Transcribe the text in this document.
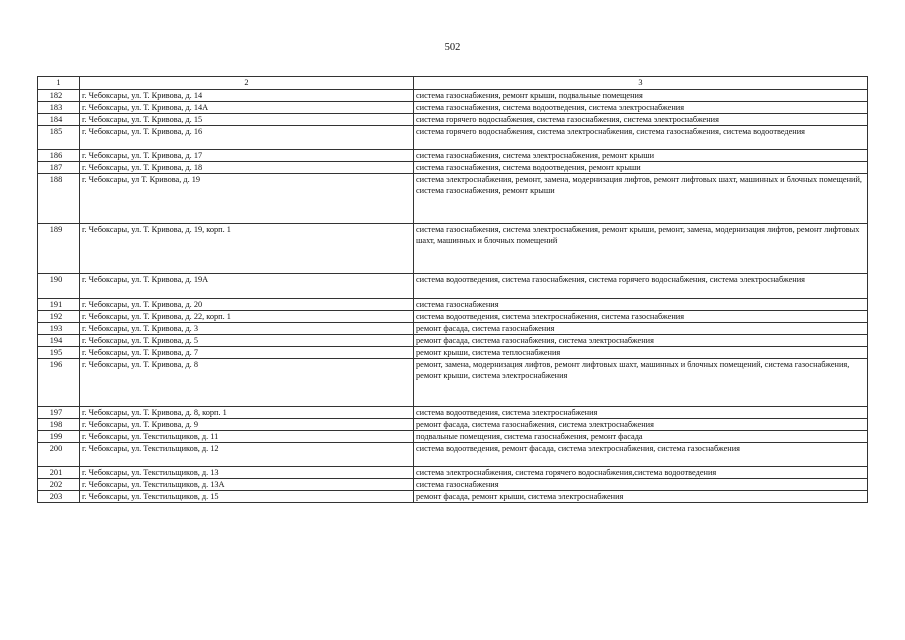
502
1	2	3
182	г. Чебоксары, ул. Т. Кривова, д. 14	система газоснабжения, ремонт крыши, подвальные помещения
183	г. Чебоксары, ул. Т. Кривова, д. 14А	система газоснабжения, система водоотведения, система электроснабжения
184	г. Чебоксары, ул. Т. Кривова, д. 15	система горячего водоснабжения, система газоснабжения, система электроснабжения
185	г. Чебоксары, ул. Т. Кривова, д. 16	система горячего водоснабжения, система электроснабжения, система газоснабжения, система водоотведения
186	г. Чебоксары, ул. Т. Кривова, д. 17	система газоснабжения, система электроснабжения, ремонт крыши
187	г. Чебоксары, ул. Т. Кривова, д. 18	система газоснабжения, система водоотведения, ремонт крыши
188	г. Чебоксары, ул Т. Кривова, д. 19	система электроснабжения, ремонт, замена, модернизация лифтов, ремонт лифтовых шахт, машинных и блочных помещений, система газоснабжения, ремонт крыши
189	г. Чебоксары, ул. Т. Кривова, д. 19, корп. 1	система газоснабжения, система электроснабжения, ремонт крыши, ремонт, замена, модернизация лифтов, ремонт лифтовых шахт, машинных и блочных помещений
190	г. Чебоксары, ул. Т. Кривова, д. 19А	система водоотведения, система газоснабжения, система горячего водоснабжения, система электроснабжения
191	г. Чебоксары, ул. Т. Кривова, д. 20	система газоснабжения
192	г. Чебоксары, ул. Т. Кривова, д. 22, корп. 1	система водоотведения, система электроснабжения, система газоснабжения
193	г. Чебоксары, ул. Т. Кривова, д. 3	ремонт фасада, система газоснабжения
194	г. Чебоксары, ул. Т. Кривова, д. 5	ремонт фасада, система газоснабжения, система электроснабжения
195	г. Чебоксары, ул. Т. Кривова, д. 7	ремонт крыши, система теплоснабжения
196	г. Чебоксары, ул. Т. Кривова, д. 8	ремонт, замена, модернизация лифтов, ремонт лифтовых шахт, машинных и блочных помещений, система газоснабжения, ремонт крыши, система электроснабжения
197	г. Чебоксары, ул. Т. Кривова, д. 8, корп. 1	система водоотведения, система электроснабжения
198	г. Чебоксары, ул. Т. Кривова, д. 9	ремонт фасада, система газоснабжения, система электроснабжения
199	г. Чебоксары, ул. Текстильщиков, д. 11	подвальные помещения, система газоснабжения, ремонт фасада
200	г. Чебоксары, ул. Текстильщиков, д. 12	система водоотведения, ремонт фасада, система электроснабжения, система газоснабжения
201	г. Чебоксары, ул. Текстильщиков, д. 13	система электроснабжения, система горячего водоснабжения,система водоотведения
202	г. Чебоксары, ул. Текстильщиков, д. 13А	система газоснабжения
203	г. Чебоксары, ул. Текстильщиков, д. 15	ремонт фасада, ремонт крыши, система электроснабжения
